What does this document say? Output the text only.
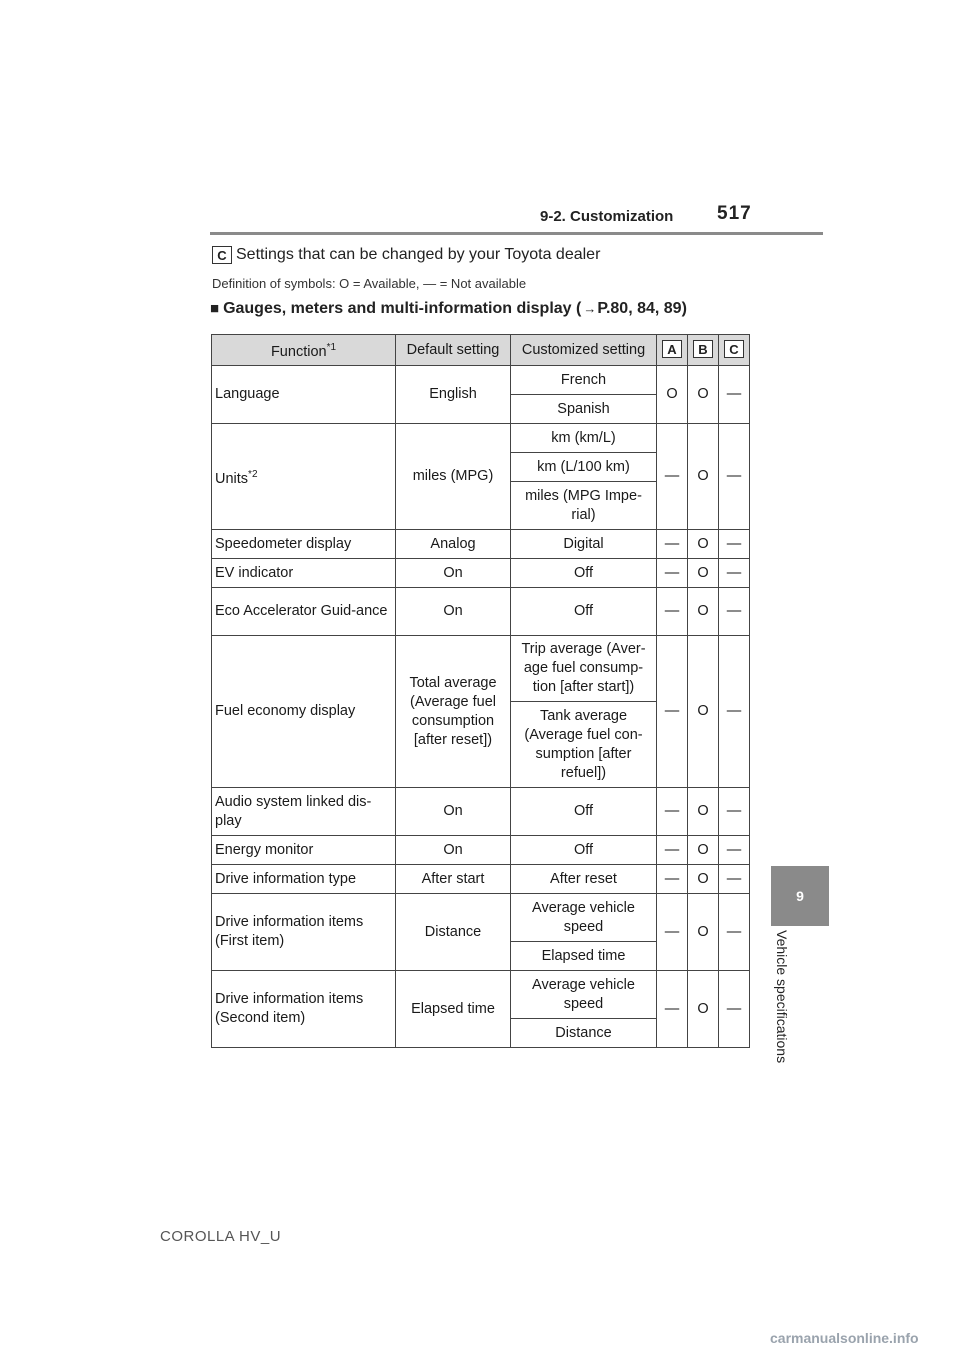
9-2. Customization 517
C Settings that can be changed by your Toyota dealer
Definition of symbols: O = Available, — = Not available
■ Gauges, meters and multi-information display ( →P.80, 84, 89)
Function$^{*1}$	Default setting	Customized setting	A	B	C
Language	English	French	O	O	—
		Spanish			
Units$^{*2}$	miles (MPG)	km (km/L)	—	O	—
		km (L/100 km)			
		miles (MPG Impe-rial)			
Speedometer display	Analog	Digital	—	O	—
EV indicator	On	Off	—	O	—
Eco Accelerator Guid-ance	On	Off	—	O	—
Fuel economy display	Total average (Average fuel consumption [after reset])	Trip average (Aver-age fuel consump-tion [after start])	—	O	—
		Tank average (Average fuel con-sumption [after refuel])			
Audio system linked dis-play	On	Off	—	O	—
Energy monitor	On	Off	—	O	—
Drive information type	After start	After reset	—	O	—
Drive information items (First item)	Distance	Average vehicle speed	—	O	—
		Elapsed time			
Drive information items (Second item)	Elapsed time	Average vehicle speed	—	O	—
		Distance			
9
Vehicle specifications
COROLLA HV_U
carmanualsonline.info
